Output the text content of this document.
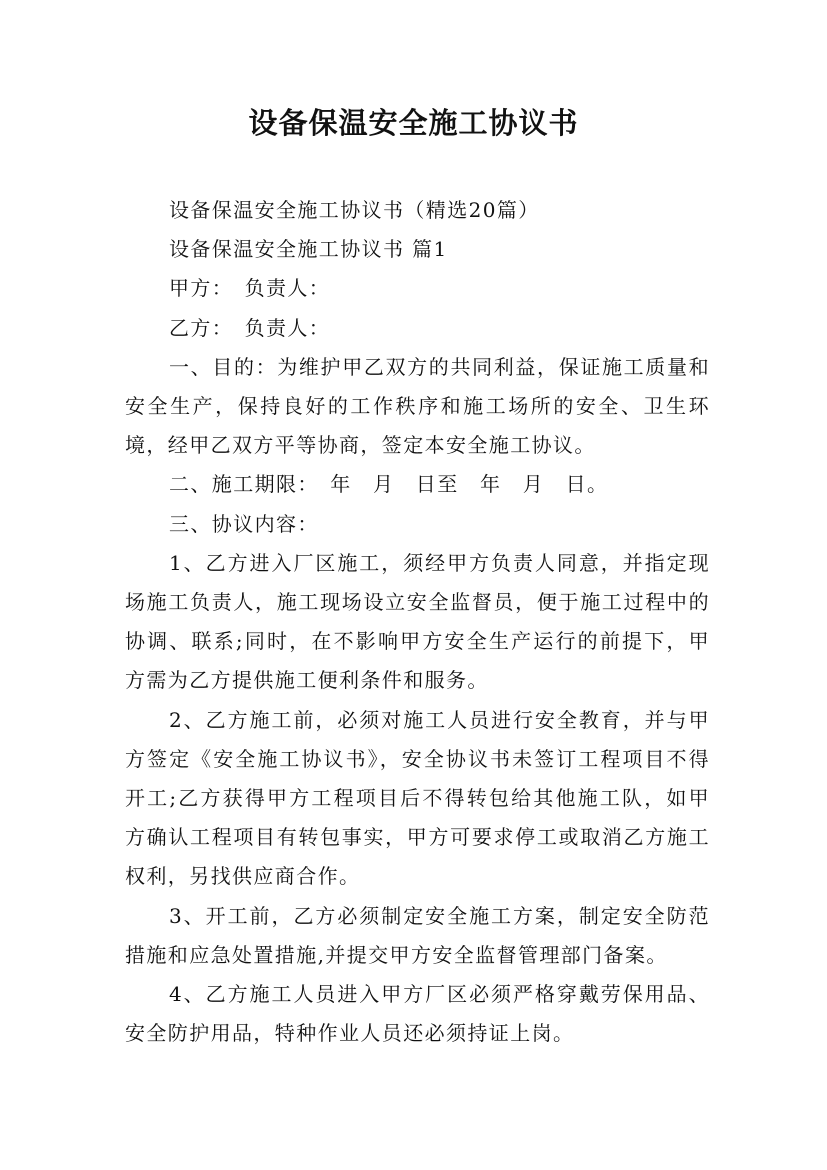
设备保温安全施工协议书

设备保温安全施工协议书（精选20篇）

设备保温安全施工协议书 篇1

甲方：　负责人：

乙方：　负责人：

一、目的：为维护甲乙双方的共同利益，保证施工质量和安全生产，保持良好的工作秩序和施工场所的安全、卫生环境，经甲乙双方平等协商，签定本安全施工协议。

二、施工期限：　年　月　日至　年　月　日。

三、协议内容：

1、乙方进入厂区施工，须经甲方负责人同意，并指定现场施工负责人，施工现场设立安全监督员，便于施工过程中的协调、联系;同时，在不影响甲方安全生产运行的前提下，甲方需为乙方提供施工便利条件和服务。

2、乙方施工前，必须对施工人员进行安全教育，并与甲方签定《安全施工协议书》，安全协议书未签订工程项目不得开工;乙方获得甲方工程项目后不得转包给其他施工队，如甲方确认工程项目有转包事实，甲方可要求停工或取消乙方施工权利，另找供应商合作。

3、开工前，乙方必须制定安全施工方案，制定安全防范措施和应急处置措施,并提交甲方安全监督管理部门备案。

4、乙方施工人员进入甲方厂区必须严格穿戴劳保用品、安全防护用品，特种作业人员还必须持证上岗。
